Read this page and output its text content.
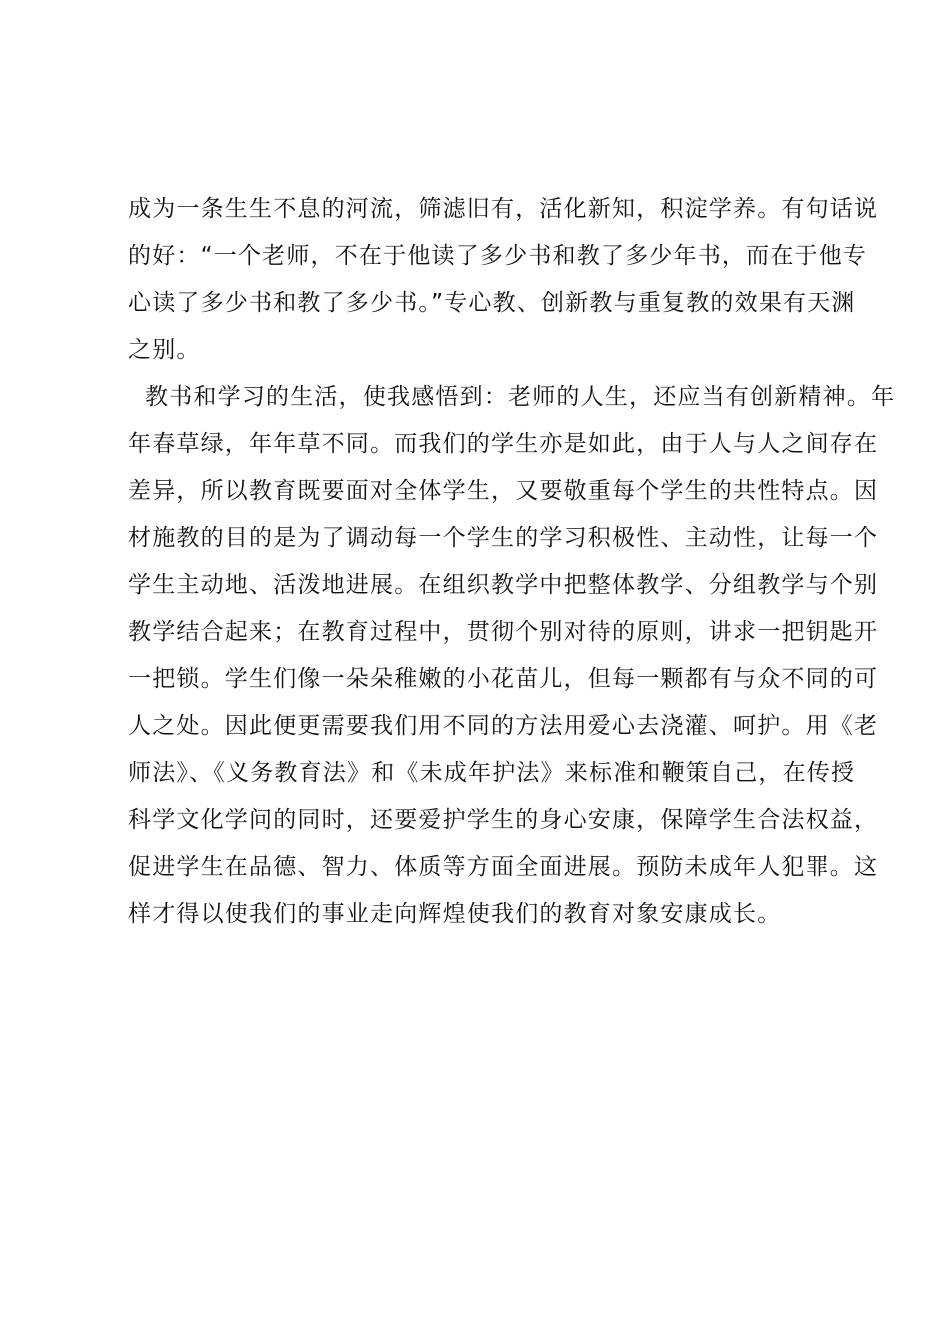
成为一条生生不息的河流，筛滤旧有，活化新知，积淀学养。有句话说
的好：“一个老师，不在于他读了多少书和教了多少年书，而在于他专
心读了多少书和教了多少书。”专心教、创新教与重复教的效果有天渊
之别。
教书和学习的生活，使我感悟到：老师的人生，还应当有创新精神。年
年春草绿，年年草不同。而我们的学生亦是如此，由于人与人之间存在
差异，所以教育既要面对全体学生，又要敬重每个学生的共性特点。因
材施教的目的是为了调动每一个学生的学习积极性、主动性，让每一个
学生主动地、活泼地进展。在组织教学中把整体教学、分组教学与个别
教学结合起来；在教育过程中，贯彻个别对待的原则，讲求一把钥匙开
一把锁。学生们像一朵朵稚嫩的小花苗儿，但每一颗都有与众不同的可
人之处。因此便更需要我们用不同的方法用爱心去浇灌、呵护。用《老
师法》、《义务教育法》和《未成年护法》来标准和鞭策自己，在传授
科学文化学问的同时，还要爱护学生的身心安康，保障学生合法权益，
促进学生在品德、智力、体质等方面全面进展。预防未成年人犯罪。这
样才得以使我们的事业走向辉煌使我们的教育对象安康成长。
